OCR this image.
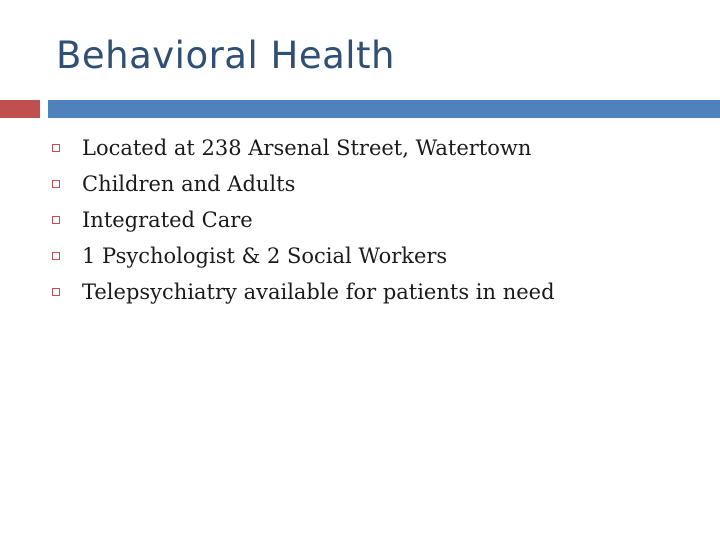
Behavioral Health
Located at 238 Arsenal Street, Watertown
Children and Adults
Integrated Care
1 Psychologist & 2 Social Workers
Telepsychiatry available for patients in need
